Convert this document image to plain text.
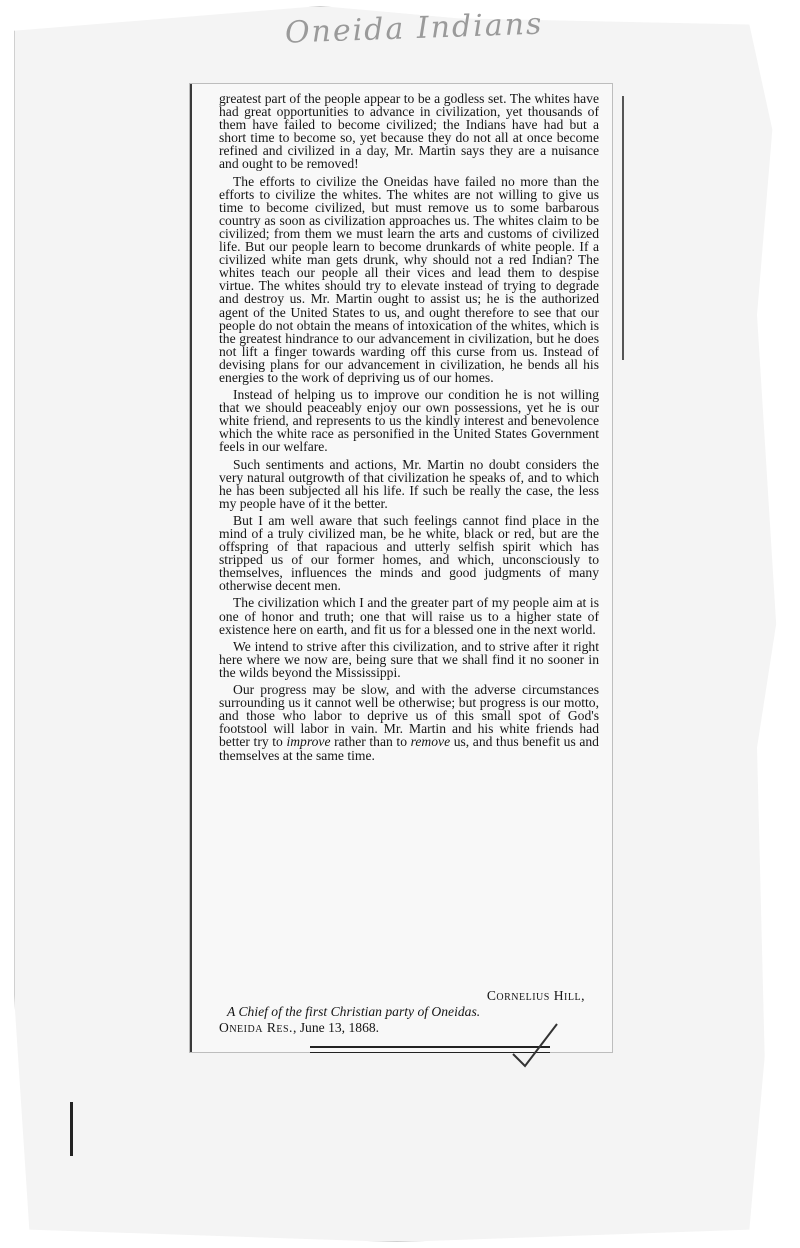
Oneida Indians

greatest part of the people appear to be a godless set. The whites have had great opportunities to advance in civilization, yet thousands of them have failed to become civilized; the Indians have had but a short time to become so, yet because they do not all at once become refined and civilized in a day, Mr. Martin says they are a nuisance and ought to be removed!

The efforts to civilize the Oneidas have failed no more than the efforts to civilize the whites. The whites are not willing to give us time to become civilized, but must remove us to some barbarous country as soon as civilization approaches us. The whites claim to be civilized; from them we must learn the arts and customs of civilized life. But our people learn to become drunkards of white people. If a civilized white man gets drunk, why should not a red Indian? The whites teach our people all their vices and lead them to despise virtue. The whites should try to elevate instead of trying to degrade and destroy us. Mr. Martin ought to assist us; he is the authorized agent of the United States to us, and ought therefore to see that our people do not obtain the means of intoxication of the whites, which is the greatest hindrance to our advancement in civilization, but he does not lift a finger towards warding off this curse from us. Instead of devising plans for our advancement in civilization, he bends all his energies to the work of depriving us of our homes.

Instead of helping us to improve our condition he is not willing that we should peaceably enjoy our own possessions, yet he is our white friend, and represents to us the kindly interest and benevolence which the white race as personified in the United States Government feels in our welfare.

Such sentiments and actions, Mr. Martin no doubt considers the very natural outgrowth of that civilization he speaks of, and to which he has been subjected all his life. If such be really the case, the less my people have of it the better.

But I am well aware that such feelings cannot find place in the mind of a truly civilized man, be he white, black or red, but are the offspring of that rapacious and utterly selfish spirit which has stripped us of our former homes, and which, unconsciously to themselves, influences the minds and good judgments of many otherwise decent men.

The civilization which I and the greater part of my people aim at is one of honor and truth; one that will raise us to a higher state of existence here on earth, and fit us for a blessed one in the next world.

We intend to strive after this civilization, and to strive after it right here where we now are, being sure that we shall find it no sooner in the wilds beyond the Mississippi.

Our progress may be slow, and with the adverse circumstances surrounding us it cannot well be otherwise; but progress is our motto, and those who labor to deprive us of this small spot of God's footstool will labor in vain. Mr. Martin and his white friends had better try to improve rather than to remove us, and thus benefit us and themselves at the same time.

Cornelius Hill,
A Chief of the first Christian party of Oneidas.
Oneida Res., June 13, 1868.
